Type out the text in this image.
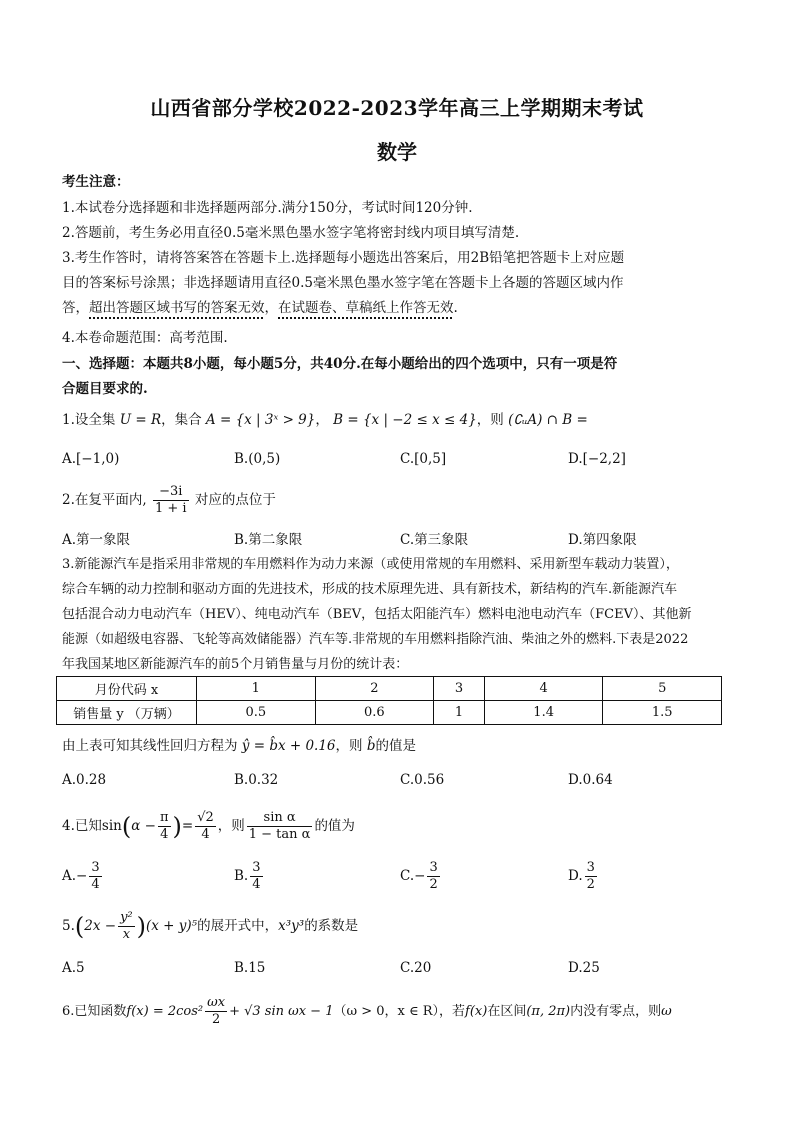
山西省部分学校2022-2023学年高三上学期期末考试
数学
考生注意：
1.本试卷分选择题和非选择题两部分.满分150分，考试时间120分钟.
2.答题前，考生务必用直径0.5毫米黑色墨水签字笔将密封线内项目填写清楚.
3.考生作答时，请将答案答在答题卡上.选择题每小题选出答案后，用2B铅笔把答题卡上对应题
目的答案标号涂黑；非选择题请用直径0.5毫米黑色墨水签字笔在答题卡上各题的答题区域内作
答，超出答题区域书写的答案无效，在试题卷、草稿纸上作答无效.
4.本卷命题范围：高考范围.
一、选择题：本题共8小题，每小题5分，共40分.在每小题给出的四个选项中，只有一项是符
合题目要求的.
1.设全集 U = R，集合 A = {x | 3ˣ > 9}， B = {x | −2 ≤ x ≤ 4}，则 (∁ᵤA) ∩ B =
A.[−1,0)	B.(0,5)	C.[0,5]	D.[−2,2]
2.在复平面内, $\frac{-3i}{1 + i}$ 对应的点位于
A.第一象限	B.第二象限	C.第三象限	D.第四象限
3.新能源汽车是指采用非常规的车用燃料作为动力来源（或使用常规的车用燃料、采用新型车载动力装置），
综合车辆的动力控制和驱动方面的先进技术，形成的技术原理先进、具有新技术，新结构的汽车.新能源汽车
包括混合动力电动汽车（HEV）、纯电动汽车（BEV，包括太阳能汽车）燃料电池电动汽车（FCEV）、其他新
能源（如超级电容器、飞轮等高效储能器）汽车等.非常规的车用燃料指除汽油、柴油之外的燃料.下表是2022
年我国某地区新能源汽车的前5个月销售量与月份的统计表：
月份代码 x	1	2	3	4	5
销售量 y （万辆）	0.5	0.6	1	1.4	1.5
由上表可知其线性回归方程为 ŷ = b̂x + 0.16，则 b̂的值是
A.0.28	B.0.32	C.0.56	D.0.64
4.已知$\sin(\alpha - \frac{\pi}{4}$ )= $\frac{√2}{4}$ ，则 $\frac{\text{sin α}}{\text{1 − tan α}}$ 的值为
$A.- \frac{3}{4}$	B. $\frac{3}{4}$	$C.- \frac{3}{2}$	D. $\frac{3}{2}$
$5.(2x - \frac{\text{y²}}{x} )(x + y)^5$的展开式中，x³y³的系数是
A.5	B.15	C.20	D.25
6.已知函数$f(x) = 2\cos^2 \frac{\omega x}{2} + √3$ sin ωx − 1（ω > 0，x ∈ R），若f(x)在区间(π, 2π)内没有零点，则ω
